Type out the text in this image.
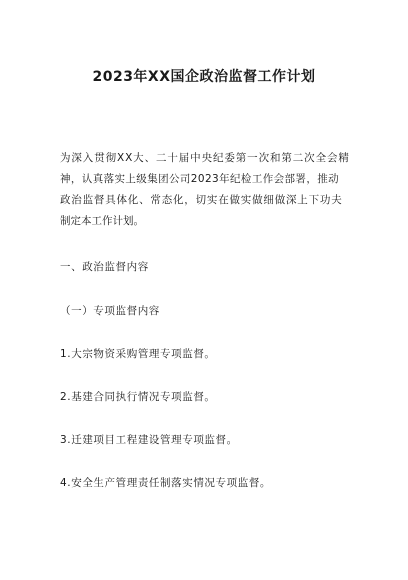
2023年XX国企政治监督工作计划

为深入贯彻XX大、二十届中央纪委第一次和第二次全会精
神，认真落实上级集团公司2023年纪检工作会部署，推动
政治监督具体化、常态化，切实在做实做细做深上下功夫
制定本工作计划。

一、政治监督内容
（一）专项监督内容
1.大宗物资采购管理专项监督。
2.基建合同执行情况专项监督。
3.迁建项目工程建设管理专项监督。
4.安全生产管理责任制落实情况专项监督。
